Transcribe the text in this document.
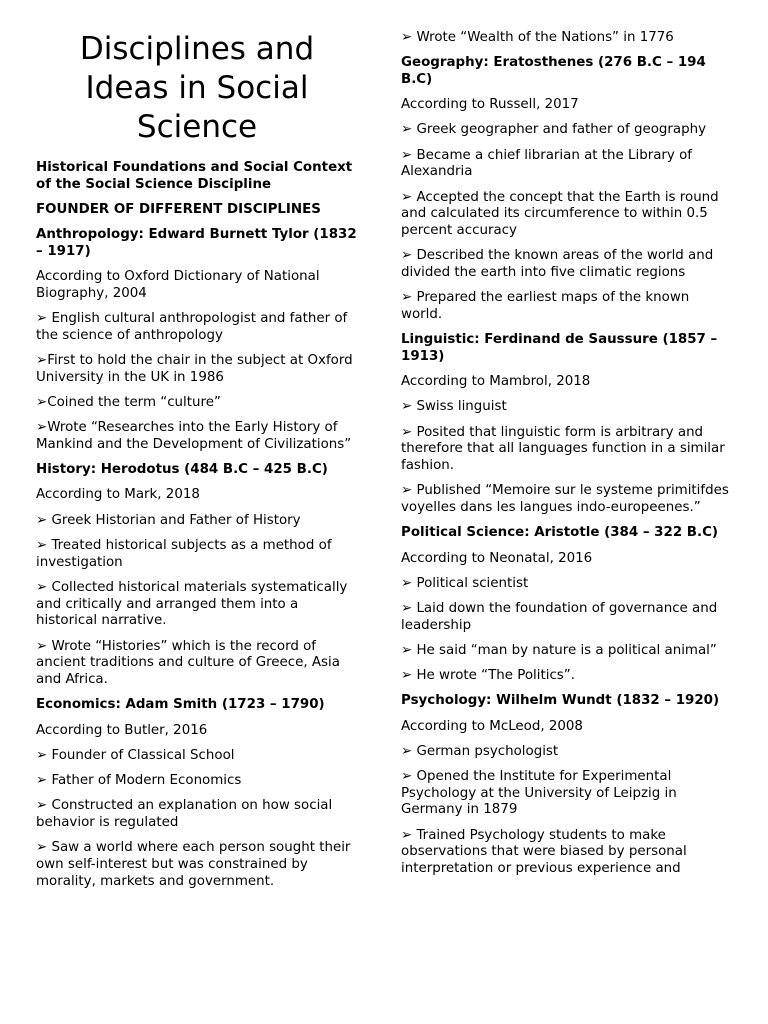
Disciplines and Ideas in Social Science

Historical Foundations and Social Context of the Social Science Discipline

FOUNDER OF DIFFERENT DISCIPLINES

Anthropology: Edward Burnett Tylor (1832 – 1917)

According to Oxford Dictionary of National Biography, 2004

➢ English cultural anthropologist and father of the science of anthropology

➢First to hold the chair in the subject at Oxford University in the UK in 1986

➢Coined the term “culture”

➢Wrote “Researches into the Early History of Mankind and the Development of Civilizations”

History: Herodotus (484 B.C – 425 B.C)

According to Mark, 2018

➢ Greek Historian and Father of History

➢ Treated historical subjects as a method of investigation

➢ Collected historical materials systematically and critically and arranged them into a historical narrative.

➢ Wrote “Histories” which is the record of ancient traditions and culture of Greece, Asia and Africa.

Economics: Adam Smith (1723 – 1790)

According to Butler, 2016

➢ Founder of Classical School

➢ Father of Modern Economics

➢ Constructed an explanation on how social behavior is regulated

➢ Saw a world where each person sought their own self-interest but was constrained by morality, markets and government.

➢ Wrote “Wealth of the Nations” in 1776

Geography: Eratosthenes (276 B.C – 194 B.C)

According to Russell, 2017

➢ Greek geographer and father of geography

➢ Became a chief librarian at the Library of Alexandria

➢ Accepted the concept that the Earth is round and calculated its circumference to within 0.5 percent accuracy

➢ Described the known areas of the world and divided the earth into five climatic regions

➢ Prepared the earliest maps of the known world.

Linguistic: Ferdinand de Saussure (1857 – 1913)

According to Mambrol, 2018

➢ Swiss linguist

➢ Posited that linguistic form is arbitrary and therefore that all languages function in a similar fashion.

➢ Published “Memoire sur le systeme primitifdes voyelles dans les langues indo-europeenes.”

Political Science: Aristotle (384 – 322 B.C)

According to Neonatal, 2016

➢ Political scientist

➢ Laid down the foundation of governance and leadership

➢ He said “man by nature is a political animal”

➢ He wrote “The Politics”.

Psychology: Wilhelm Wundt (1832 – 1920)

According to McLeod, 2008

➢ German psychologist

➢ Opened the Institute for Experimental Psychology at the University of Leipzig in Germany in 1879

➢ Trained Psychology students to make observations that were biased by personal interpretation or previous experience and
